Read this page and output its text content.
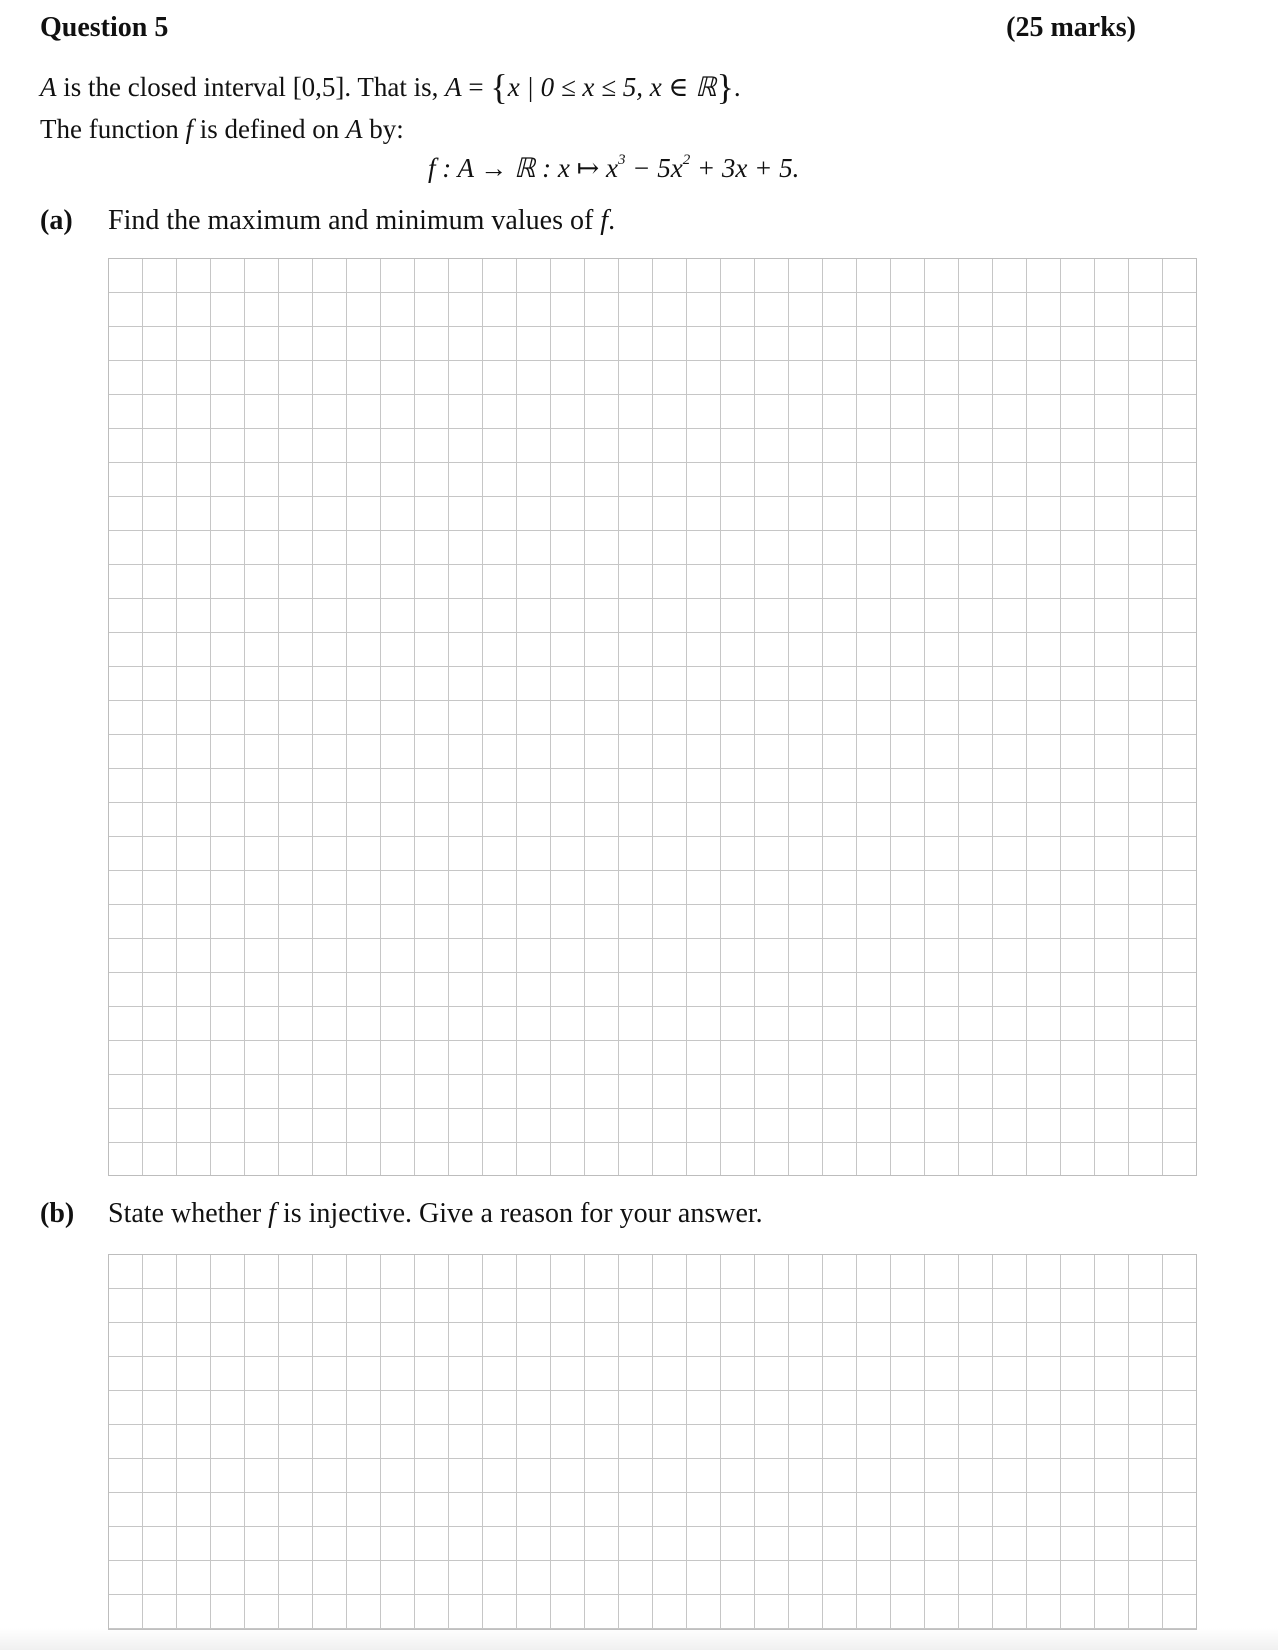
Question 5	(25 marks)
A is the closed interval [0,5]. That is, A = {x | 0 ≤ x ≤ 5, x ∈ ℝ}.
The function f is defined on A by:
f : A → ℝ : x ↦ $x^3 - 5x^2 + 3x + 5$.
(a) Find the maximum and minimum values of f.
(b) State whether f is injective. Give a reason for your answer.
